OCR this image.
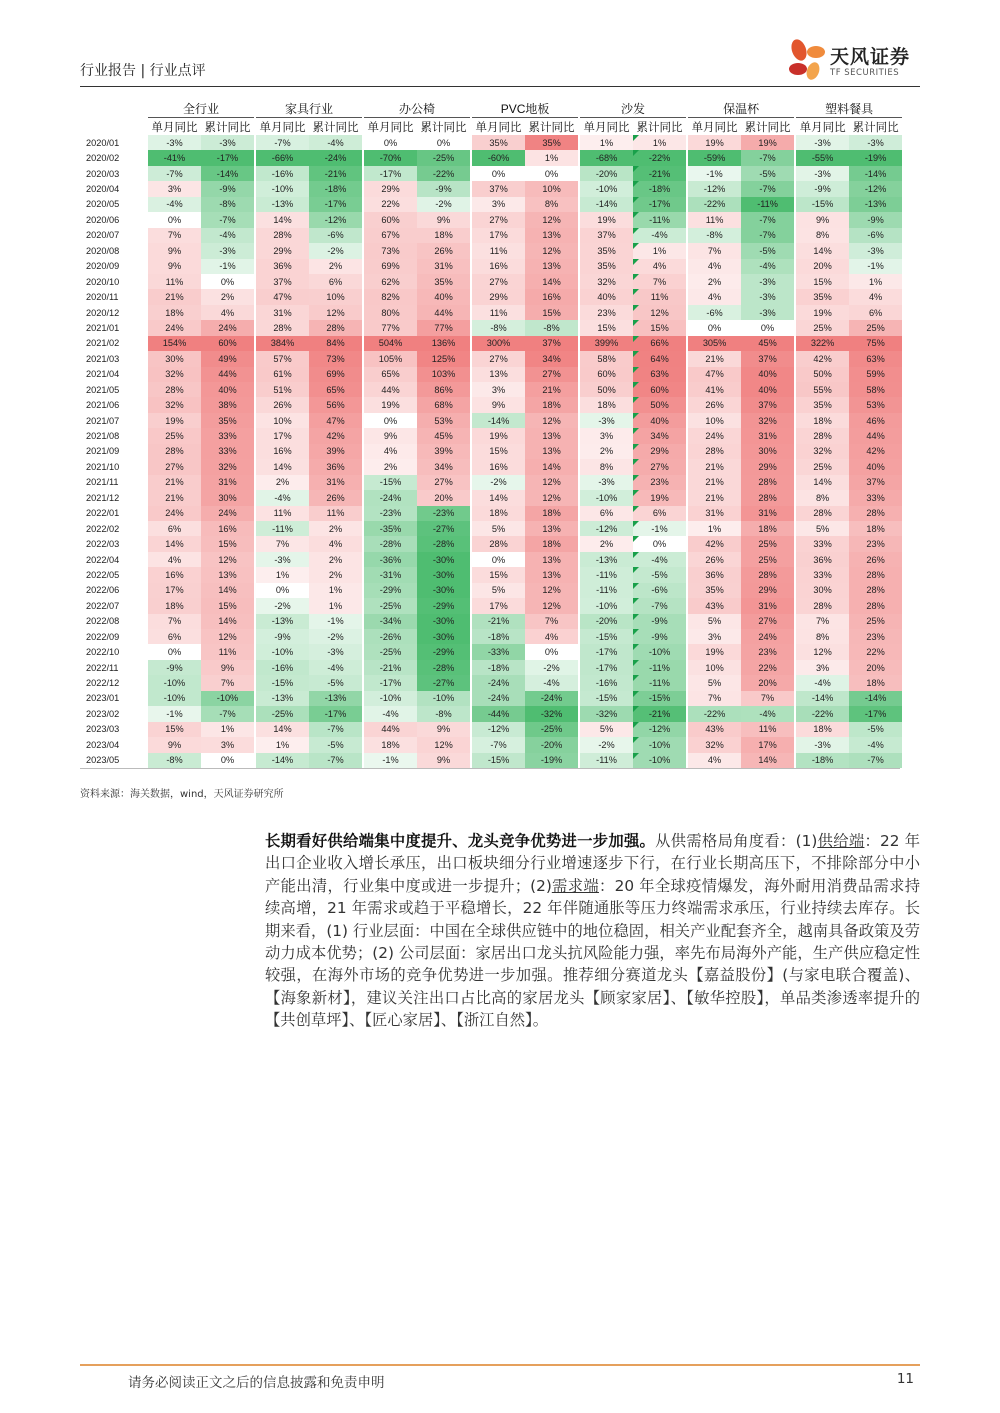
行业报告 | 行业点评
天风证券
TF SECURITIES
	全行业			家具行业			办公椅			PVC地板			沙发			保温杯			塑料餐具	
	单月同比	累计同比		单月同比	累计同比		单月同比	累计同比		单月同比	累计同比		单月同比	累计同比		单月同比	累计同比		单月同比	累计同比
2020/01	-3%	-3%		-7%	-4%		0%	0%		35%	35%		1%	1%		19%	19%		-3%	-3%
2020/02	-41%	-17%		-66%	-24%		-70%	-25%		-60%	1%		-68%	-22%		-59%	-7%		-55%	-19%
2020/03	-7%	-14%		-16%	-21%		-17%	-22%		0%	0%		-20%	-21%		-1%	-5%		-3%	-14%
2020/04	3%	-9%		-10%	-18%		29%	-9%		37%	10%		-10%	-18%		-12%	-7%		-9%	-12%
2020/05	-4%	-8%		-13%	-17%		22%	-2%		3%	8%		-14%	-17%		-22%	-11%		-15%	-13%
2020/06	0%	-7%		14%	-12%		60%	9%		27%	12%		19%	-11%		11%	-7%		9%	-9%
2020/07	7%	-4%		28%	-6%		67%	18%		17%	13%		37%	-4%		-8%	-7%		8%	-6%
2020/08	9%	-3%		29%	-2%		73%	26%		11%	12%		35%	1%		7%	-5%		14%	-3%
2020/09	9%	-1%		36%	2%		69%	31%		16%	13%		35%	4%		4%	-4%		20%	-1%
2020/10	11%	0%		37%	6%		62%	35%		27%	14%		32%	7%		2%	-3%		15%	1%
2020/11	21%	2%		47%	10%		82%	40%		29%	16%		40%	11%		4%	-3%		35%	4%
2020/12	18%	4%		31%	12%		80%	44%		11%	15%		23%	12%		-6%	-3%		19%	6%
2021/01	24%	24%		28%	28%		77%	77%		-8%	-8%		15%	15%		0%	0%		25%	25%
2021/02	154%	60%		384%	84%		504%	136%		300%	37%		399%	66%		305%	45%		322%	75%
2021/03	30%	49%		57%	73%		105%	125%		27%	34%		58%	64%		21%	37%		42%	63%
2021/04	32%	44%		61%	69%		65%	103%		13%	27%		60%	63%		47%	40%		50%	59%
2021/05	28%	40%		51%	65%		44%	86%		3%	21%		50%	60%		41%	40%		55%	58%
2021/06	32%	38%		26%	56%		19%	68%		9%	18%		18%	50%		26%	37%		35%	53%
2021/07	19%	35%		10%	47%		0%	53%		-14%	12%		-3%	40%		10%	32%		18%	46%
2021/08	25%	33%		17%	42%		9%	45%		19%	13%		3%	34%		24%	31%		28%	44%
2021/09	28%	33%		16%	39%		4%	39%		15%	13%		2%	29%		28%	30%		32%	42%
2021/10	27%	32%		14%	36%		2%	34%		16%	14%		8%	27%		21%	29%		25%	40%
2021/11	21%	31%		2%	31%		-15%	27%		-2%	12%		-3%	23%		21%	28%		14%	37%
2021/12	21%	30%		-4%	26%		-24%	20%		14%	12%		-10%	19%		21%	28%		8%	33%
2022/01	24%	24%		11%	11%		-23%	-23%		18%	18%		6%	6%		31%	31%		28%	28%
2022/02	6%	16%		-11%	2%		-35%	-27%		5%	13%		-12%	-1%		1%	18%		5%	18%
2022/03	14%	15%		7%	4%		-28%	-28%		28%	18%		2%	0%		42%	25%		33%	23%
2022/04	4%	12%		-3%	2%		-36%	-30%		0%	13%		-13%	-4%		26%	25%		36%	26%
2022/05	16%	13%		1%	2%		-31%	-30%		15%	13%		-11%	-5%		36%	28%		33%	28%
2022/06	17%	14%		0%	1%		-29%	-30%		5%	12%		-11%	-6%		35%	29%		30%	28%
2022/07	18%	15%		-2%	1%		-25%	-29%		17%	12%		-10%	-7%		43%	31%		28%	28%
2022/08	7%	14%		-13%	-1%		-34%	-30%		-21%	7%		-20%	-9%		5%	27%		7%	25%
2022/09	6%	12%		-9%	-2%		-26%	-30%		-18%	4%		-15%	-9%		3%	24%		8%	23%
2022/10	0%	11%		-10%	-3%		-25%	-29%		-33%	0%		-17%	-10%		19%	23%		12%	22%
2022/11	-9%	9%		-16%	-4%		-21%	-28%		-18%	-2%		-17%	-11%		10%	22%		3%	20%
2022/12	-10%	7%		-15%	-5%		-17%	-27%		-24%	-4%		-16%	-11%		5%	20%		-4%	18%
2023/01	-10%	-10%		-13%	-13%		-10%	-10%		-24%	-24%		-15%	-15%		7%	7%		-14%	-14%
2023/02	-1%	-7%		-25%	-17%		-4%	-8%		-44%	-32%		-32%	-21%		-22%	-4%		-22%	-17%
2023/03	15%	1%		14%	-7%		44%	9%		-12%	-25%		5%	-12%		43%	11%		18%	-5%
2023/04	9%	3%		1%	-5%		18%	12%		-7%	-20%		-2%	-10%		32%	17%		-3%	-4%
2023/05	-8%	0%		-14%	-7%		-1%	9%		-15%	-19%		-11%	-10%		4%	14%		-18%	-7%
资料来源：海关数据，wind，天风证券研究所
长期看好供给端集中度提升、龙头竞争优势进一步加强。从供需格局角度看：(1)供给端：22 年出口企业收入增长承压，出口板块细分行业增速逐步下行，在行业长期高压下，不排除部分中小产能出清，行业集中度或进一步提升；(2)需求端：20 年全球疫情爆发，海外耐用消费品需求持续高增，21 年需求或趋于平稳增长，22 年伴随通胀等压力终端需求承压，行业持续去库存。长期来看，(1) 行业层面：中国在全球供应链中的地位稳固，相关产业配套齐全，越南具备政策及劳动力成本优势；(2) 公司层面：家居出口龙头抗风险能力强，率先布局海外产能，生产供应稳定性较强，在海外市场的竞争优势进一步加强。推荐细分赛道龙头【嘉益股份】(与家电联合覆盖)、【海象新材】，建议关注出口占比高的家居龙头【顾家家居】、【敏华控股】，单品类渗透率提升的【共创草坪】、【匠心家居】、【浙江自然】。
请务必阅读正文之后的信息披露和免责申明	11
